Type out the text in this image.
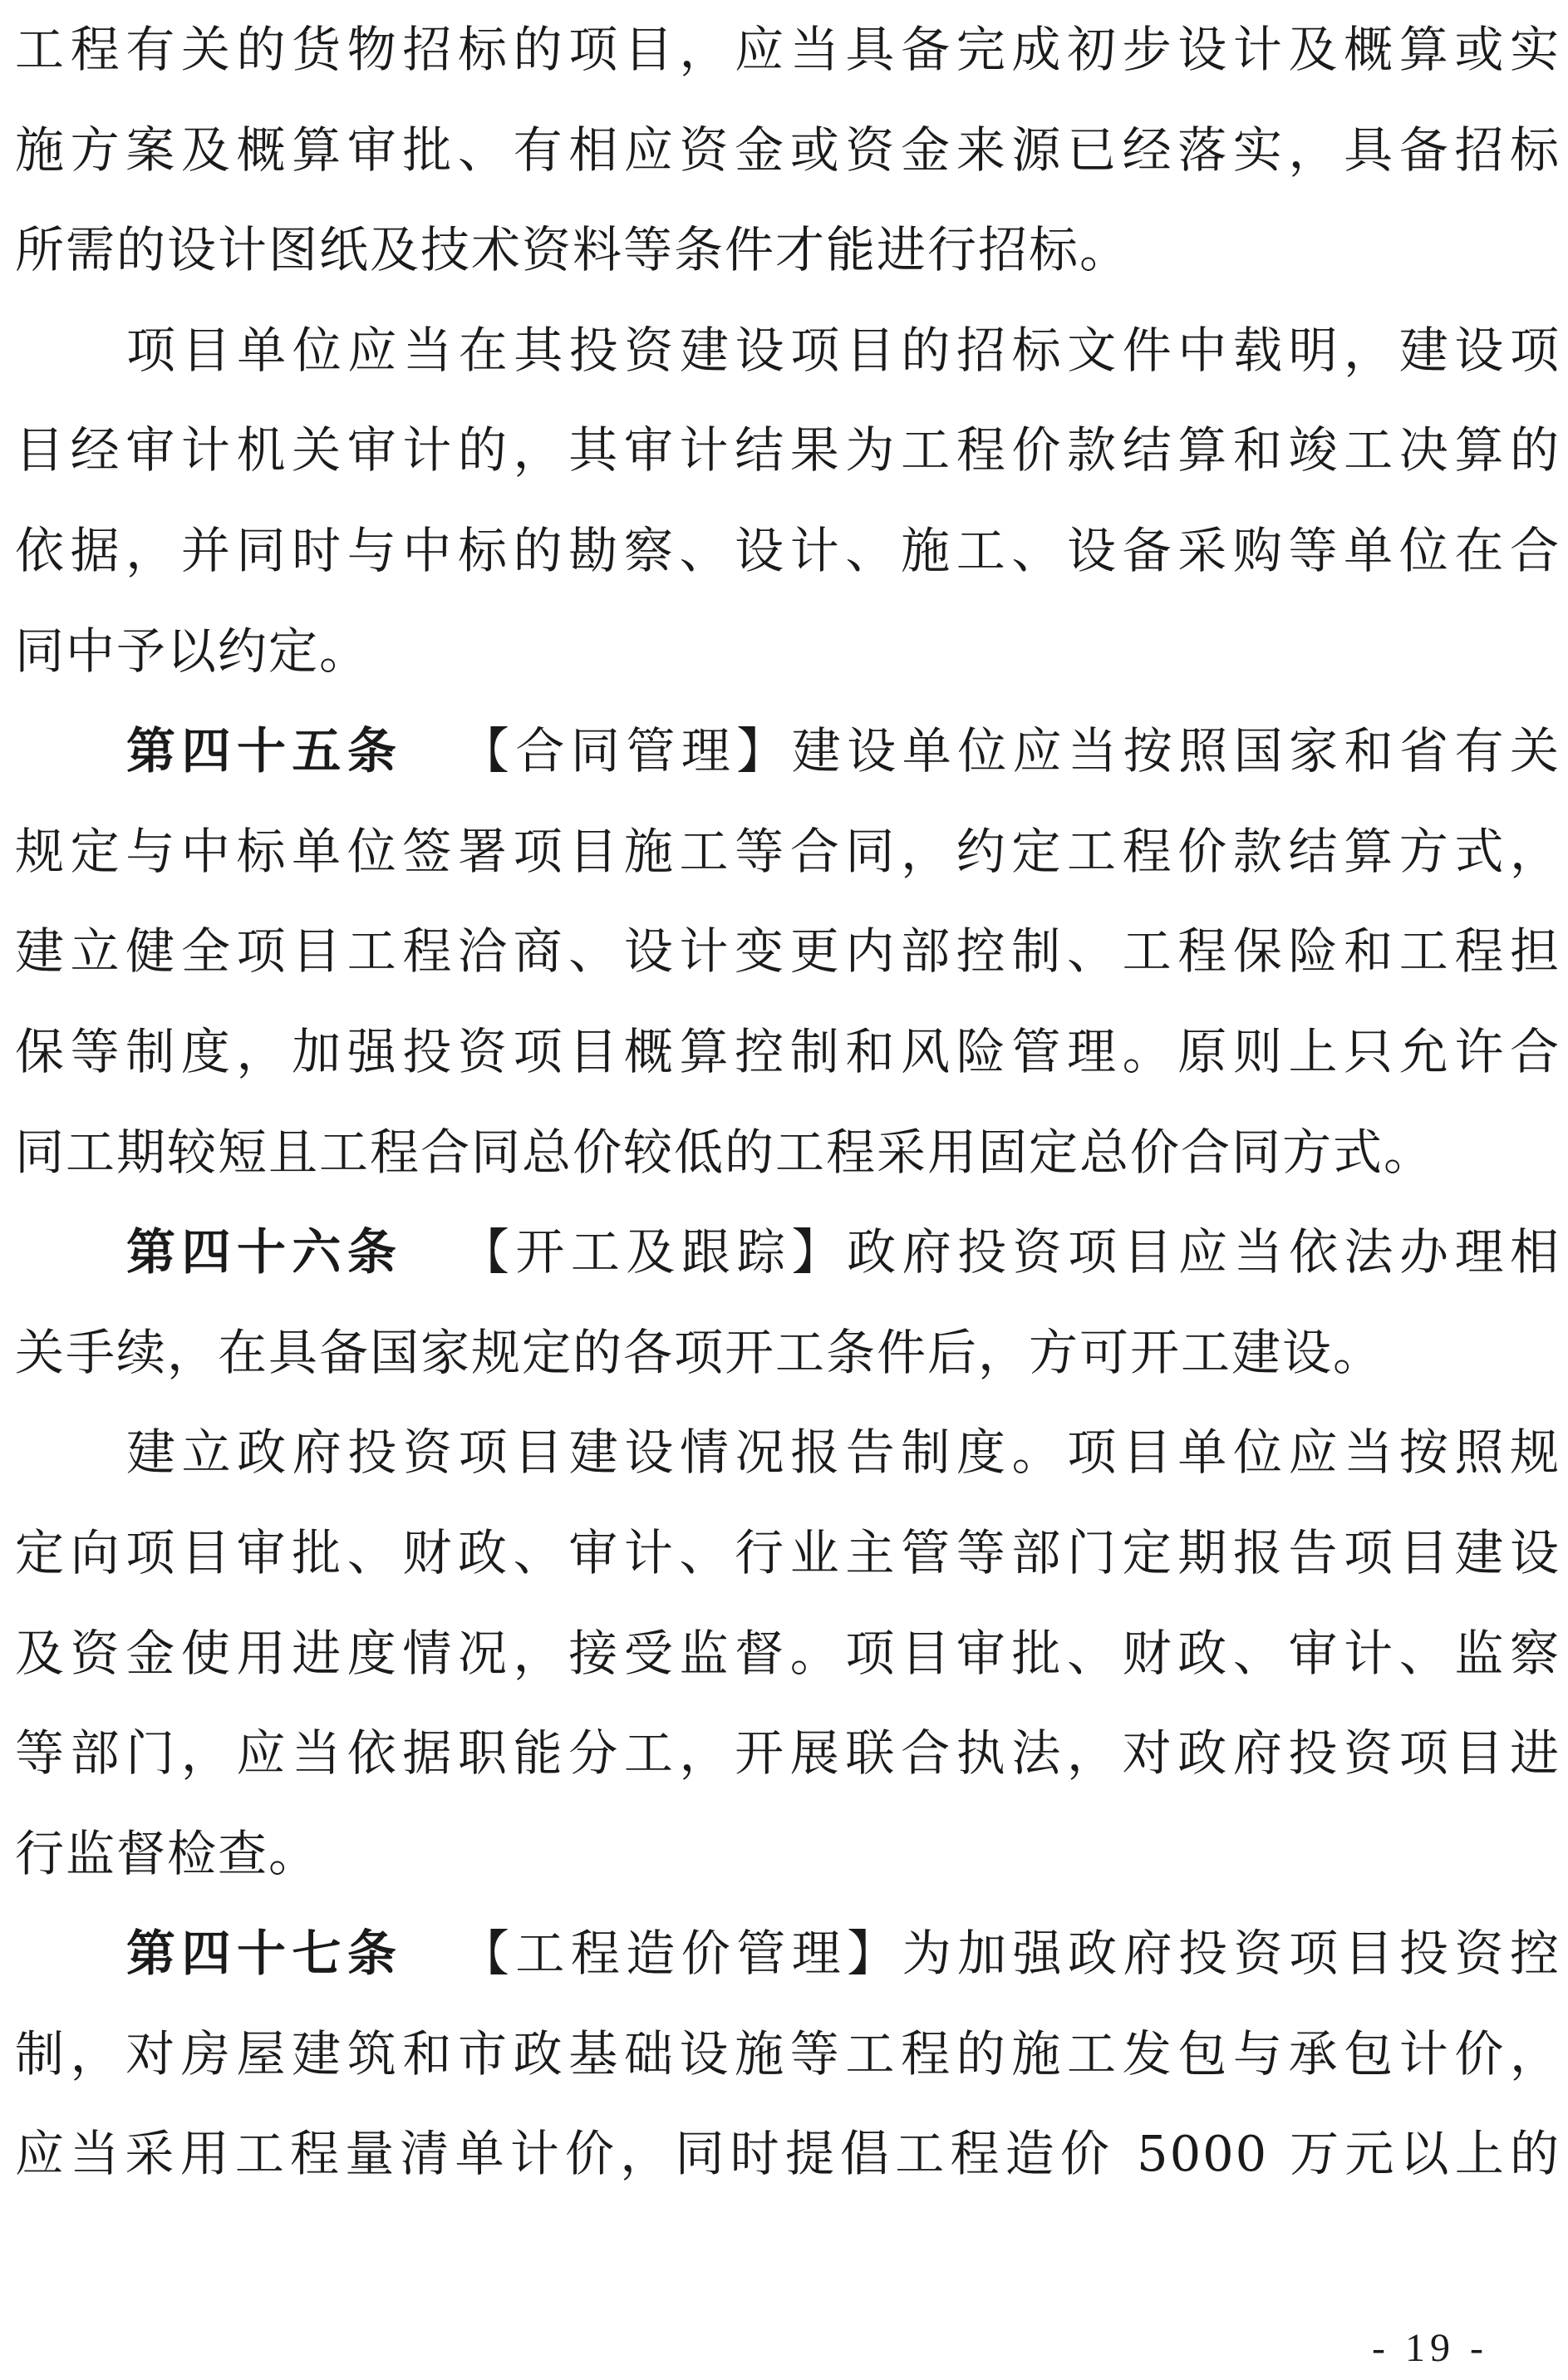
工程有关的货物招标的项目，应当具备完成初步设计及概算或实
施方案及概算审批、有相应资金或资金来源已经落实，具备招标
所需的设计图纸及技术资料等条件才能进行招标。
项目单位应当在其投资建设项目的招标文件中载明，建设项
目经审计机关审计的，其审计结果为工程价款结算和竣工决算的
依据，并同时与中标的勘察、设计、施工、设备采购等单位在合
同中予以约定。
第四十五条 【合同管理】建设单位应当按照国家和省有关
规定与中标单位签署项目施工等合同，约定工程价款结算方式，
建立健全项目工程洽商、设计变更内部控制、工程保险和工程担
保等制度，加强投资项目概算控制和风险管理。原则上只允许合
同工期较短且工程合同总价较低的工程采用固定总价合同方式。
第四十六条 【开工及跟踪】政府投资项目应当依法办理相
关手续，在具备国家规定的各项开工条件后，方可开工建设。
建立政府投资项目建设情况报告制度。项目单位应当按照规
定向项目审批、财政、审计、行业主管等部门定期报告项目建设
及资金使用进度情况，接受监督。项目审批、财政、审计、监察
等部门，应当依据职能分工，开展联合执法，对政府投资项目进
行监督检查。
第四十七条 【工程造价管理】为加强政府投资项目投资控
制，对房屋建筑和市政基础设施等工程的施工发包与承包计价，
应当采用工程量清单计价，同时提倡工程造价 5000 万元以上的
- 19 -
